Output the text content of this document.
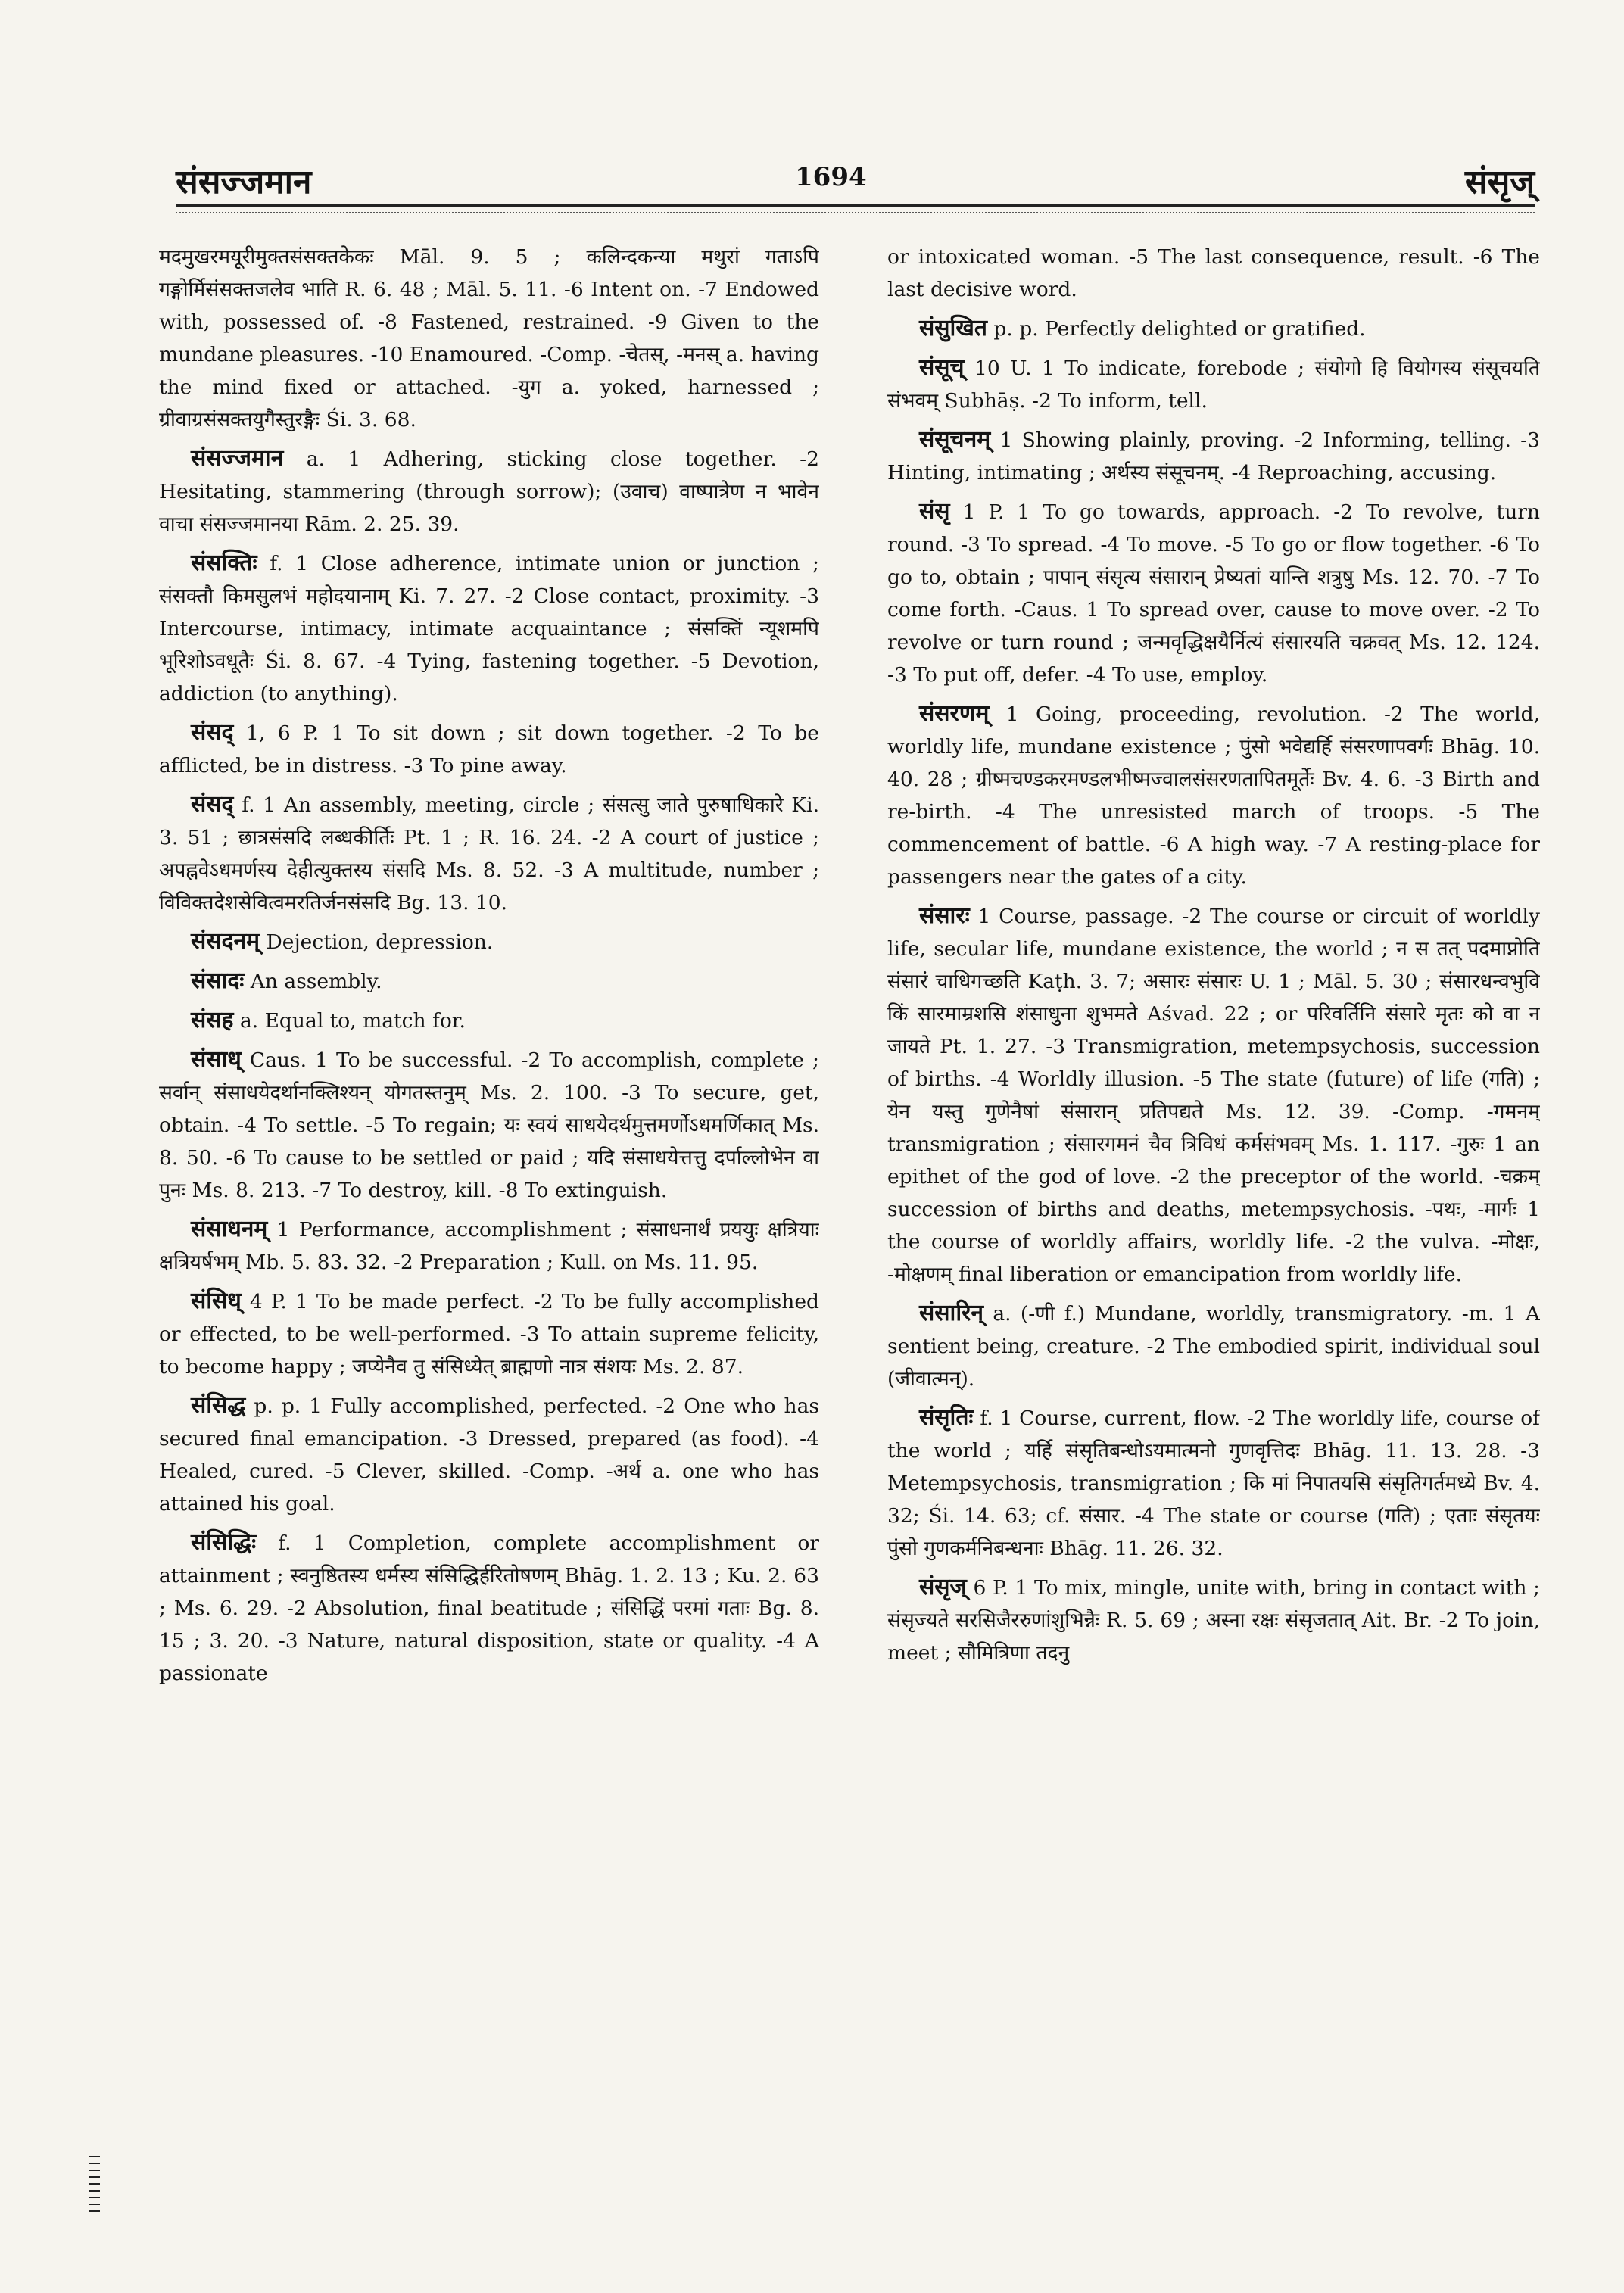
संसज्जमान	1694	संसृज्

मदमुखरमयूरीमुक्तसंसक्तकेकः Māl. 9. 5 ; कलिन्दकन्या मथुरां गताऽपि गङ्गोर्मिसंसक्तजलेव भाति R. 6. 48 ; Māl. 5. 11. -6 Intent on. -7 Endowed with, possessed of. -8 Fastened, restrained. -9 Given to the mundane pleasures. -10 Enamoured. -Comp. -चेतस्, -मनस् a. having the mind fixed or attached. -युग a. yoked, harnessed ; ग्रीवाग्रसंसक्तयुगैस्तुरङ्गैः Śi. 3. 68.

संसज्जमान a. 1 Adhering, sticking close together. -2 Hesitating, stammering (through sorrow); (उवाच) वाष्पात्रेण न भावेन वाचा संसज्जमानया Rām. 2. 25. 39.

संसक्तिः f. 1 Close adherence, intimate union or junction ; संसक्तौ किमसुलभं महोदयानाम् Ki. 7. 27. -2 Close contact, proximity. -3 Intercourse, intimacy, intimate acquaintance ; संसक्तिं न्यूशमपि भूरिशोऽवधूतैः Śi. 8. 67. -4 Tying, fastening together. -5 Devotion, addiction (to anything).

संसद् 1, 6 P. 1 To sit down ; sit down together. -2 To be afflicted, be in distress. -3 To pine away.

संसद् f. 1 An assembly, meeting, circle ; संसत्सु जाते पुरुषाधिकारे Ki. 3. 51 ; छात्रसंसदि लब्धकीर्तिः Pt. 1 ; R. 16. 24. -2 A court of justice ; अपह्नवेऽधमर्णस्य देहीत्युक्तस्य संसदि Ms. 8. 52. -3 A multitude, number ; विविक्तदेशसेवित्वमरतिर्जनसंसदि Bg. 13. 10.

संसदनम् Dejection, depression.

संसादः An assembly.

संसह a. Equal to, match for.

संसाध् Caus. 1 To be successful. -2 To accomplish, complete ; सर्वान् संसाधयेदर्थानक्लिश्यन् योगतस्तनुम् Ms. 2. 100. -3 To secure, get, obtain. -4 To settle. -5 To regain; यः स्वयं साधयेदर्थमुत्तमर्णोऽधमर्णिकात् Ms. 8. 50. -6 To cause to be settled or paid ; यदि संसाधयेत्तत्तु दर्पाल्लोभेन वा पुनः Ms. 8. 213. -7 To destroy, kill. -8 To extinguish.

संसाधनम् 1 Performance, accomplishment ; संसाधनार्थं प्रययुः क्षत्रियाः क्षत्रियर्षभम् Mb. 5. 83. 32. -2 Preparation ; Kull. on Ms. 11. 95.

संसिध् 4 P. 1 To be made perfect. -2 To be fully accomplished or effected, to be well-performed. -3 To attain supreme felicity, to become happy ; जप्येनैव तु संसिध्येत् ब्राह्मणो नात्र संशयः Ms. 2. 87.

संसिद्ध p. p. 1 Fully accomplished, perfected. -2 One who has secured final emancipation. -3 Dressed, prepared (as food). -4 Healed, cured. -5 Clever, skilled. -Comp. -अर्थ a. one who has attained his goal.

संसिद्धिः f. 1 Completion, complete accomplishment or attainment ; स्वनुष्ठितस्य धर्मस्य संसिद्धिर्हरितोषणम् Bhāg. 1. 2. 13 ; Ku. 2. 63 ; Ms. 6. 29. -2 Absolution, final beatitude ; संसिद्धिं परमां गताः Bg. 8. 15 ; 3. 20. -3 Nature, natural disposition, state or quality. -4 A passionate

or intoxicated woman. -5 The last consequence, result. -6 The last decisive word.

संसुखित p. p. Perfectly delighted or gratified.

संसूच् 10 U. 1 To indicate, forebode ; संयोगो हि वियोगस्य संसूचयति संभवम् Subhāṣ. -2 To inform, tell.

संसूचनम् 1 Showing plainly, proving. -2 Informing, telling. -3 Hinting, intimating ; अर्थस्य संसूचनम्. -4 Reproaching, accusing.

संसृ 1 P. 1 To go towards, approach. -2 To revolve, turn round. -3 To spread. -4 To move. -5 To go or flow together. -6 To go to, obtain ; पापान् संसृत्य संसारान् प्रेष्यतां यान्ति शत्रुषु Ms. 12. 70. -7 To come forth. -Caus. 1 To spread over, cause to move over. -2 To revolve or turn round ; जन्मवृद्धिक्षयैर्नित्यं संसारयति चक्रवत् Ms. 12. 124. -3 To put off, defer. -4 To use, employ.

संसरणम् 1 Going, proceeding, revolution. -2 The world, worldly life, mundane existence ; पुंसो भवेद्यर्हि संसरणापवर्गः Bhāg. 10. 40. 28 ; ग्रीष्मचण्डकरमण्डलभीष्मज्वालसंसरणतापितमूर्तेः Bv. 4. 6. -3 Birth and re-birth. -4 The unresisted march of troops. -5 The commencement of battle. -6 A high way. -7 A resting-place for passengers near the gates of a city.

संसारः 1 Course, passage. -2 The course or circuit of worldly life, secular life, mundane existence, the world ; न स तत् पदमाप्नोति संसारं चाधिगच्छति Kaṭh. 3. 7; असारः संसारः U. 1 ; Māl. 5. 30 ; संसारधन्वभुवि किं सारमाम्रशसि शंसाधुना शुभमते Aśvad. 22 ; or परिवर्तिनि संसारे मृतः को वा न जायते Pt. 1. 27. -3 Transmigration, metempsychosis, succession of births. -4 Worldly illusion. -5 The state (future) of life (गति) ; येन यस्तु गुणेनैषां संसारान् प्रतिपद्यते Ms. 12. 39. -Comp. -गमनम् transmigration ; संसारगमनं चैव त्रिविधं कर्मसंभवम् Ms. 1. 117. -गुरुः 1 an epithet of the god of love. -2 the preceptor of the world. -चक्रम् succession of births and deaths, metempsychosis. -पथः, -मार्गः 1 the course of worldly affairs, worldly life. -2 the vulva. -मोक्षः, -मोक्षणम् final liberation or emancipation from worldly life.

संसारिन् a. (-णी f.) Mundane, worldly, transmigratory. -m. 1 A sentient being, creature. -2 The embodied spirit, individual soul (जीवात्मन्).

संसृतिः f. 1 Course, current, flow. -2 The worldly life, course of the world ; यर्हि संसृतिबन्धोऽयमात्मनो गुणवृत्तिदः Bhāg. 11. 13. 28. -3 Metempsychosis, transmigration ; कि मां निपातयसि संसृतिगर्तमध्ये Bv. 4. 32; Śi. 14. 63; cf. संसार. -4 The state or course (गति) ; एताः संसृतयः पुंसो गुणकर्मनिबन्धनाः Bhāg. 11. 26. 32.

संसृज् 6 P. 1 To mix, mingle, unite with, bring in contact with ; संसृज्यते सरसिजैररुणांशुभिन्नैः R. 5. 69 ; अस्ना रक्षः संसृजतात् Ait. Br. -2 To join, meet ; सौमित्रिणा तदनु
